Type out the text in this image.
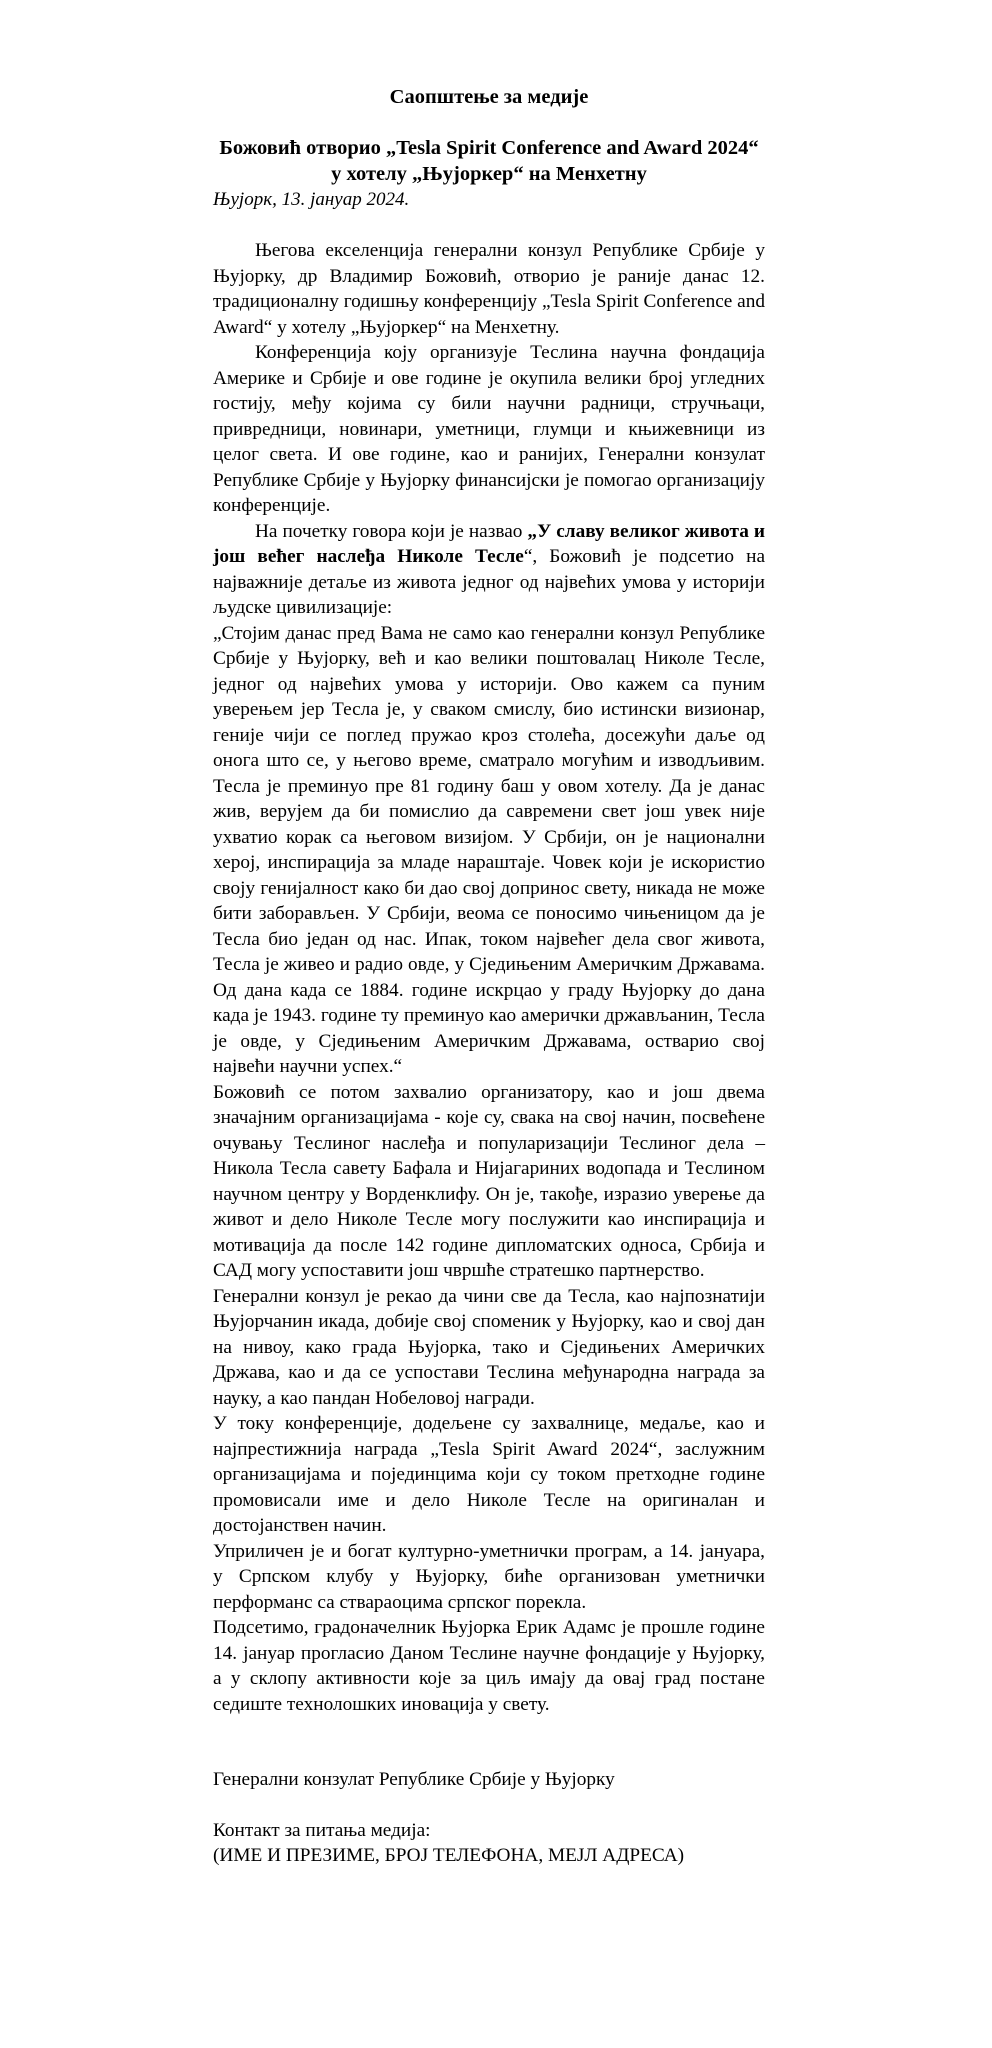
Саопштење за медије

Божовић отворио „Tesla Spirit Conference and Award 2024“ у хотелу „Њујоркер“ на Менхетну

Њујорк, 13. јануар 2024.

Његова екселенција генерални конзул Републике Србије у Њујорку, др Владимир Божовић, отворио је раније данас 12. традиционалну годишњу конференцију „Tesla Spirit Conference and Award“ у хотелу „Њујоркер“ на Менхетну.

Конференција коју организује Теслина научна фондација Америке и Србије и ове године је окупила велики број угледних гостију, међу којима су били научни радници, стручњаци, привредници, новинари, уметници, глумци и књижевници из целог света. И ове године, као и ранијих, Генерални конзулат Републике Србије у Њујорку финансијски је помогао организацију конференције.

На почетку говора који је назвао „У славу великог живота и још већег наслеђа Николе Тесле“, Божовић је подсетио на најважније детаље из живота једног од највећих умова у историји људске цивилизације:

„Стојим данас пред Вама не само као генерални конзул Републике Србије у Њујорку, већ и као велики поштовалац Николе Тесле, једног од највећих умова у историји. Ово кажем са пуним уверењем јер Тесла је, у сваком смислу, био истински визионар, геније чији се поглед пружао кроз столећа, досежући даље од онога што се, у његово време, сматрало могућим и изводљивим. Тесла је преминуо пре 81 годину баш у овом хотелу. Да је данас жив, верујем да би помислио да савремени свет још увек није ухватио корак са његовом визијом. У Србији, он је национални херој, инспирација за младе нараштаје. Човек који је искористио своју генијалност како би дао свој допринос свету, никада не може бити заборављен. У Србији, веома се поносимо чињеницом да је Тесла био један од нас. Ипак, током највећег дела свог живота, Тесла је живео и радио овде, у Сједињеним Америчким Државама. Од дана када се 1884. године искрцао у граду Њујорку до дана када је 1943. године ту преминуо као амерички држављанин, Тесла је овде, у Сједињеним Америчким Државама, остварио свој највећи научни успех.“

Божовић се потом захвалио организатору, као и још двема значајним организацијама - које су, свака на свој начин, посвећене очувању Теслиног наслеђа и популаризацији Теслиног дела – Никола Тесла савету Бафала и Нијагариних водопада и Теслином научном центру у Ворденклифу. Он је, такође, изразио уверење да живот и дело Николе Тесле могу послужити као инспирација и мотивација да после 142 године дипломатских односа, Србија и САД могу успоставити још чвршће стратешко партнерство.

Генерални конзул је рекао да чини све да Тесла, као најпознатији Њујорчанин икада, добије свој споменик у Њујорку, као и свој дан на нивоу, како града Њујорка, тако и Сједињених Америчких Држава, као и да се успостави Теслина међународна награда за науку, а као пандан Нобеловој награди.

У току конференције, додељене су захвалнице, медаље, као и најпрестижнија награда „Tesla Spirit Award 2024“, заслужним организацијама и појединцима који су током претходне године промовисали име и дело Николе Тесле на оригиналан и достојанствен начин.

Уприличен је и богат културно-уметнички програм, а 14. јануара, у Српском клубу у Њујорку, биће организован уметнички перформанс са ствараоцима српског порекла.

Подсетимо, градоначелник Њујорка Ерик Адамс је прошле године 14. јануар прогласио Даном Теслине научне фондације у Њујорку, а у склопу активности које за циљ имају да овај град постане седиште технолошких иновација у свету.

Генерални конзулат Републике Србије у Њујорку

Контакт за питања медија:
(ИМЕ И ПРЕЗИМЕ, БРОЈ ТЕЛЕФОНА, МЕЈЛ АДРЕСА)
